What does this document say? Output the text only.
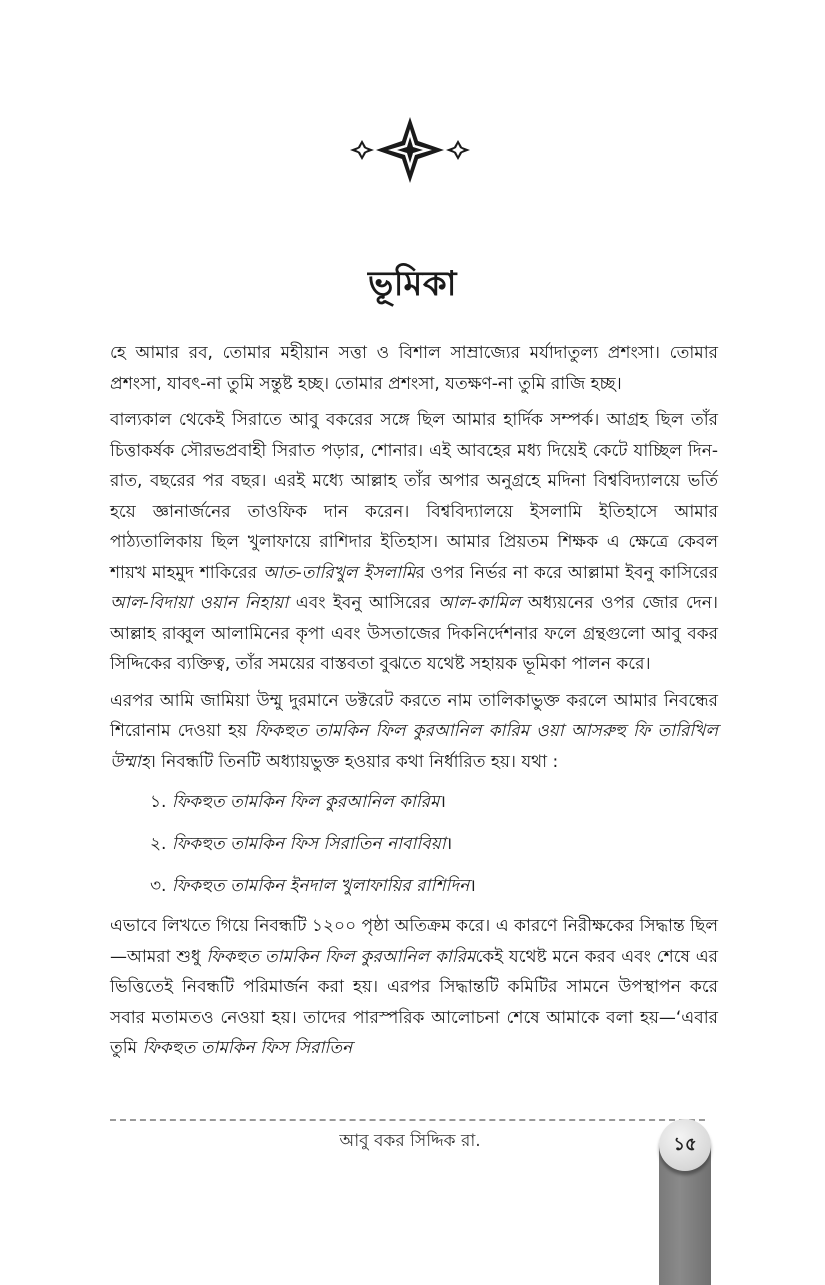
ভূমিকা

হে আমার রব, তোমার মহীয়ান সত্তা ও বিশাল সাম্রাজ্যের মর্যাদাতুল্য প্রশংসা। তোমার প্রশংসা, যাবৎ-না তুমি সন্তুষ্ট হচ্ছ। তোমার প্রশংসা, যতক্ষণ-না তুমি রাজি হচ্ছ।

বাল্যকাল থেকেই সিরাতে আবু বকরের সঙ্গে ছিল আমার হার্দিক সম্পর্ক। আগ্রহ ছিল তাঁর চিত্তাকর্ষক সৌরভপ্রবাহী সিরাত পড়ার, শোনার। এই আবহের মধ্য দিয়েই কেটে যাচ্ছিল দিন-রাত, বছরের পর বছর। এরই মধ্যে আল্লাহ তাঁর অপার অনুগ্রহে মদিনা বিশ্ববিদ্যালয়ে ভর্তি হয়ে জ্ঞানার্জনের তাওফিক দান করেন। বিশ্ববিদ্যালয়ে ইসলামি ইতিহাসে আমার পাঠ্যতালিকায় ছিল খুলাফায়ে রাশিদার ইতিহাস। আমার প্রিয়তম শিক্ষক এ ক্ষেত্রে কেবল শায়খ মাহমুদ শাকিরের আত-তারিখুল ইসলামির ওপর নির্ভর না করে আল্লামা ইবনু কাসিরের আল-বিদায়া ওয়ান নিহায়া এবং ইবনু আসিরের আল-কামিল অধ্যয়নের ওপর জোর দেন। আল্লাহ রাব্বুল আলামিনের কৃপা এবং উসতাজের দিকনির্দেশনার ফলে গ্রন্থগুলো আবু বকর সিদ্দিকের ব্যক্তিত্ব, তাঁর সময়ের বাস্তবতা বুঝতে যথেষ্ট সহায়ক ভূমিকা পালন করে।

এরপর আমি জামিয়া উম্মু দুরমানে ডক্টরেট করতে নাম তালিকাভুক্ত করলে আমার নিবন্ধের শিরোনাম দেওয়া হয় ফিকহুত তামকিন ফিল কুরআনিল কারিম ওয়া আসরুহু ফি তারিখিল উম্মাহ। নিবন্ধটি তিনটি অধ্যায়ভুক্ত হওয়ার কথা নির্ধারিত হয়। যথা :

১. ফিকহুত তামকিন ফিল কুরআনিল কারিম।

২. ফিকহুত তামকিন ফিস সিরাতিন নাবাবিয়া।

৩. ফিকহুত তামকিন ইনদাল খুলাফায়ির রাশিদিন।

এভাবে লিখতে গিয়ে নিবন্ধটি ১২০০ পৃষ্ঠা অতিক্রম করে। এ কারণে নিরীক্ষকের সিদ্ধান্ত ছিল—আমরা শুধু ফিকহুত তামকিন ফিল কুরআনিল কারিমকেই যথেষ্ট মনে করব এবং শেষে এর ভিত্তিতেই নিবন্ধটি পরিমার্জন করা হয়। এরপর সিদ্ধান্তটি কমিটির সামনে উপস্থাপন করে সবার মতামতও নেওয়া হয়। তাদের পারস্পরিক আলোচনা শেষে আমাকে বলা হয়—‘এবার তুমি ফিকহুত তামকিন ফিস সিরাতিন

আবু বকর সিদ্দিক রা.	১৫
